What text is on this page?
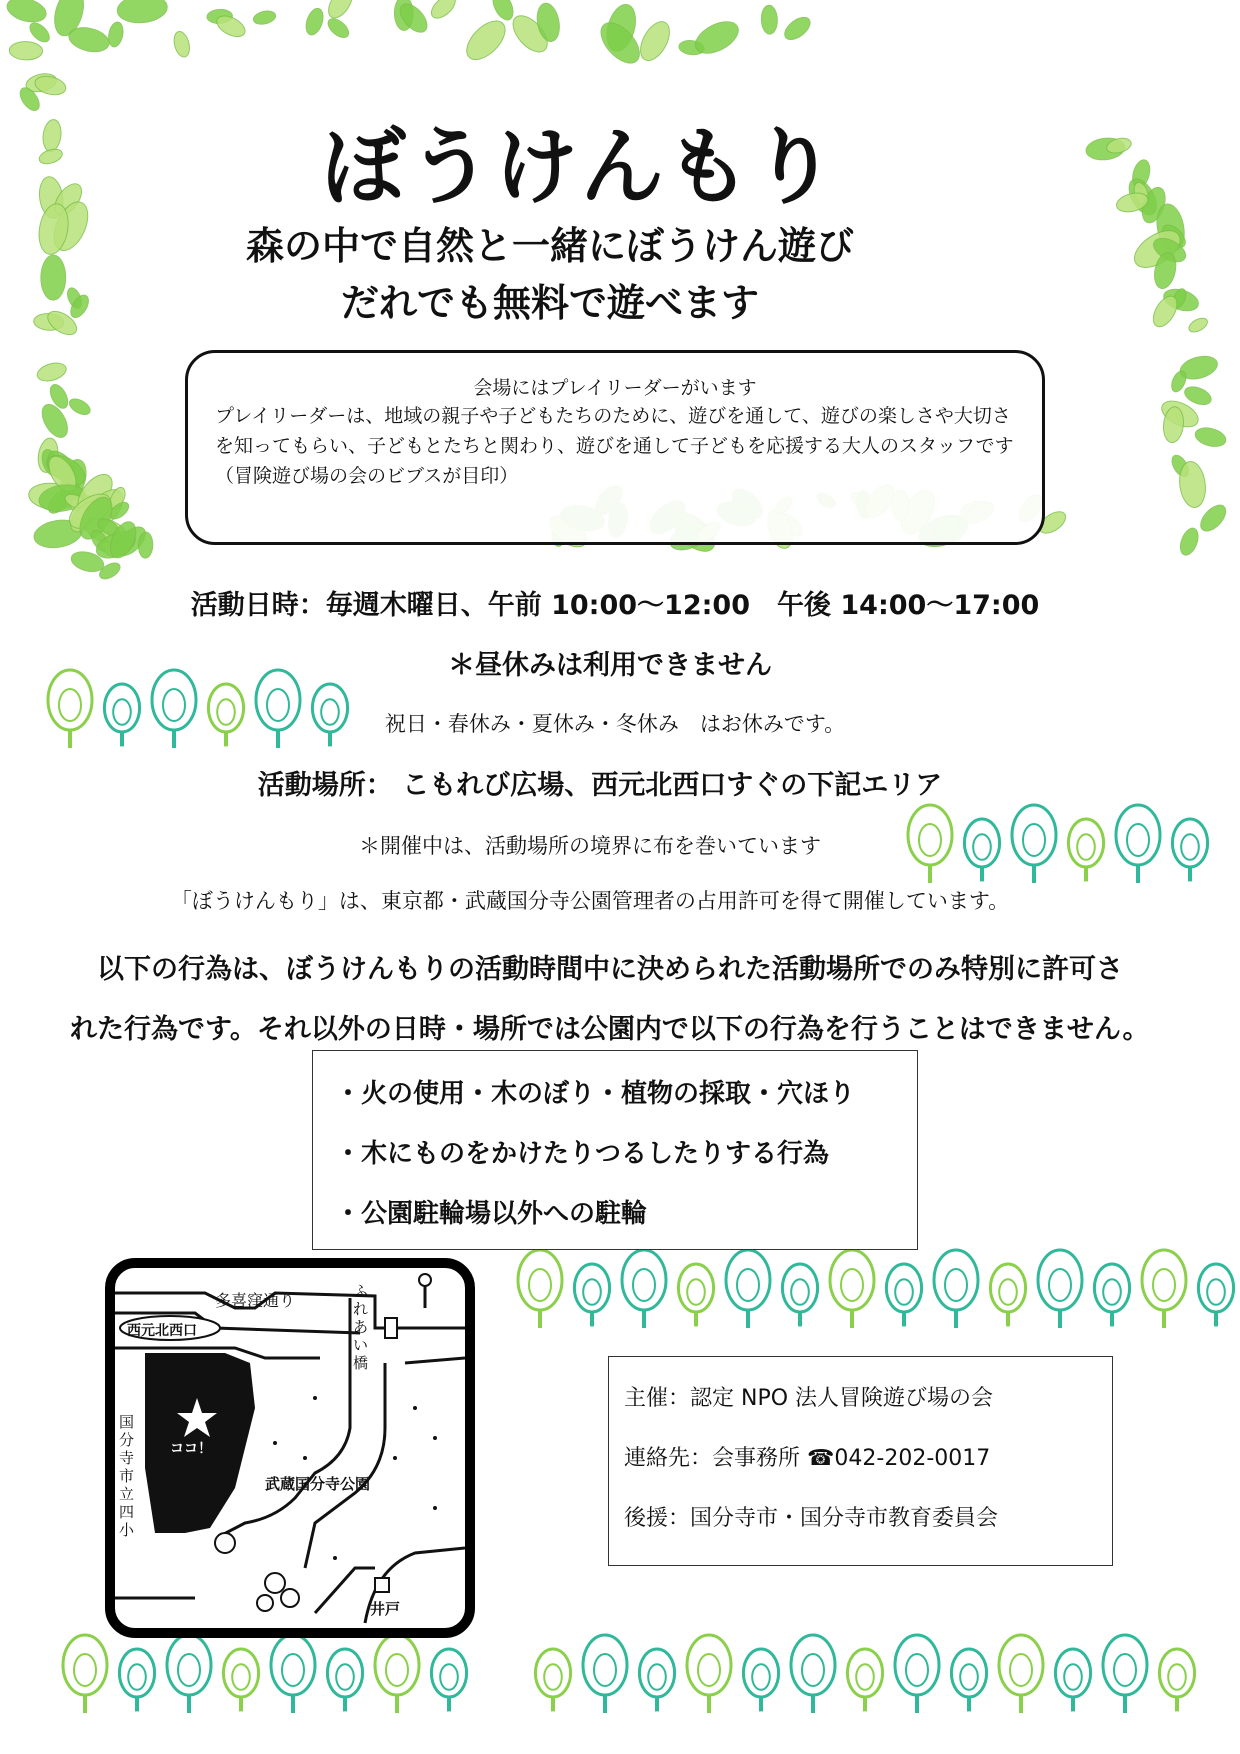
ぼうけんもり
森の中で自然と一緒にぼうけん遊び
だれでも無料で遊べます
会場にはプレイリーダーがいます
プレイリーダーは、地域の親子や子どもたちのために、遊びを通して、遊びの楽しさや大切さを知ってもらい、子どもとたちと関わり、遊びを通して子どもを応援する大人のスタッフです（冒険遊び場の会のビブスが目印）
活動日時：毎週木曜日、午前 10:00～12:00　午後 14:00～17:00
＊昼休みは利用できません
祝日・春休み・夏休み・冬休み　はお休みです。
活動場所： こもれび広場、西元北西口すぐの下記エリア
＊開催中は、活動場所の境界に布を巻いています
「ぼうけんもり」は、東京都・武蔵国分寺公園管理者の占用許可を得て開催しています。
　以下の行為は、ぼうけんもりの活動時間中に決められた活動場所でのみ特別に許可さ
れた行為です。それ以外の日時・場所では公園内で以下の行為を行うことはできません。
・火の使用・木のぼり・植物の採取・穴ほり
・木にものをかけたりつるしたりする行為
・公園駐輪場以外への駐輪
多喜窪通り
西元北西口
ふれあい橋
ココ！
国分寺市立四小
武蔵国分寺公園
井戸
主催：認定 NPO 法人冒険遊び場の会
連絡先：会事務所 ☎042-202-0017
後援：国分寺市・国分寺市教育委員会
